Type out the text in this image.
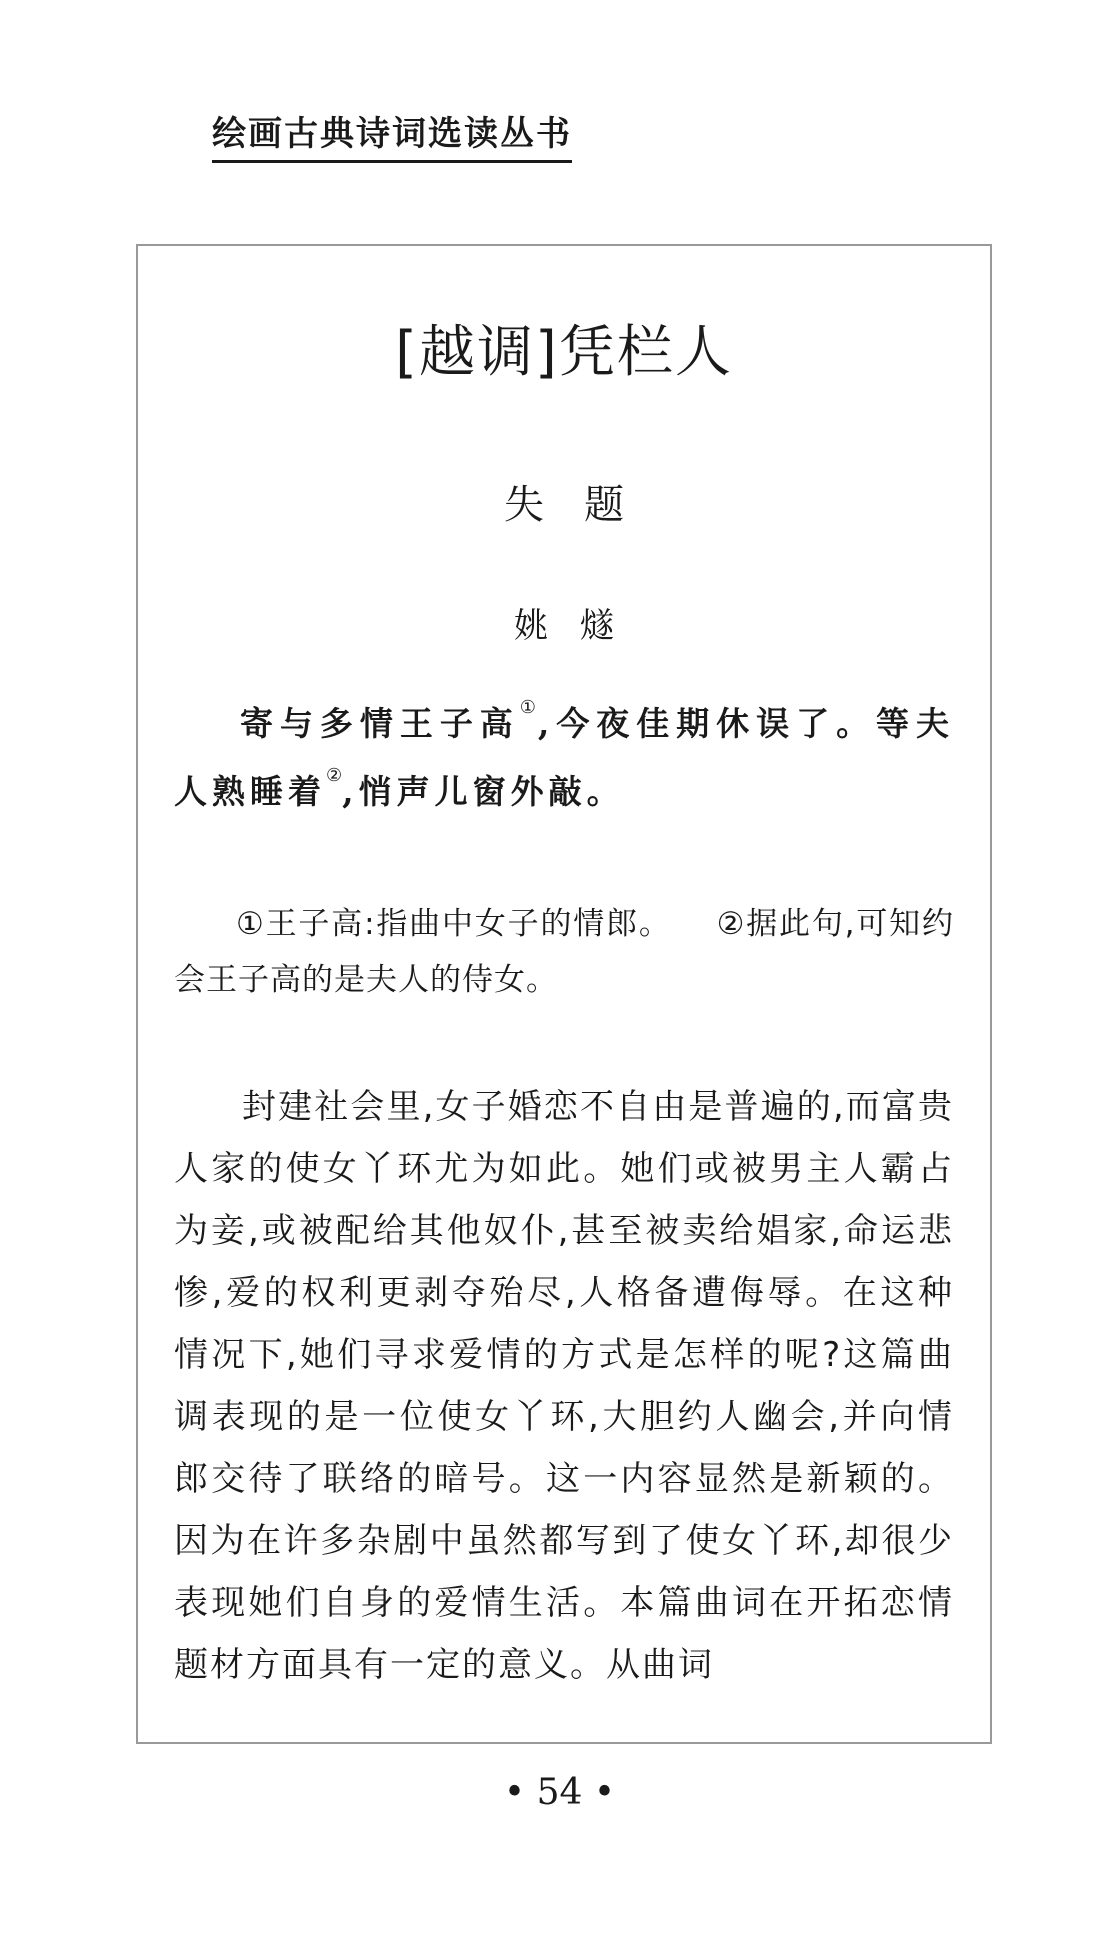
绘画古典诗词选读丛书
[越调]凭栏人
失题
姚燧

寄与多情王子高①,今夜佳期休误了。等夫人熟睡着②,悄声儿窗外敲。

①王子高:指曲中女子的情郎。 ②据此句,可知约会王子高的是夫人的侍女。

封建社会里,女子婚恋不自由是普遍的,而富贵人家的使女丫环尤为如此。她们或被男主人霸占为妾,或被配给其他奴仆,甚至被卖给娼家,命运悲惨,爱的权利更剥夺殆尽,人格备遭侮辱。在这种情况下,她们寻求爱情的方式是怎样的呢?这篇曲调表现的是一位使女丫环,大胆约人幽会,并向情郎交待了联络的暗号。这一内容显然是新颖的。因为在许多杂剧中虽然都写到了使女丫环,却很少表现她们自身的爱情生活。本篇曲词在开拓恋情题材方面具有一定的意义。从曲词

• 54 •
